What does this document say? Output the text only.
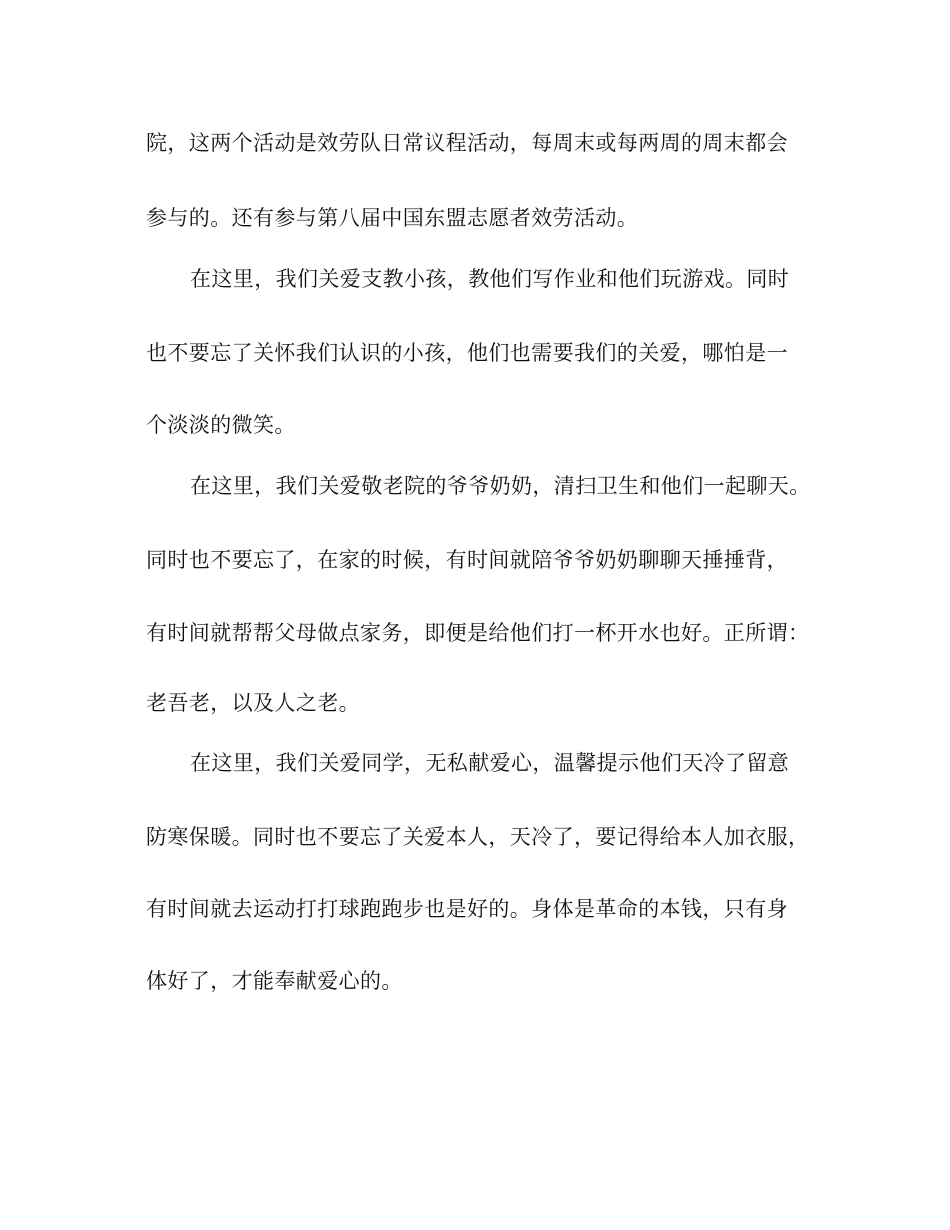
院，这两个活动是效劳队日常议程活动，每周末或每两周的周末都会
参与的。还有参与第八届中国东盟志愿者效劳活动。
在这里，我们关爱支教小孩，教他们写作业和他们玩游戏。同时
也不要忘了关怀我们认识的小孩，他们也需要我们的关爱，哪怕是一
个淡淡的微笑。
在这里，我们关爱敬老院的爷爷奶奶，清扫卫生和他们一起聊天。
同时也不要忘了，在家的时候，有时间就陪爷爷奶奶聊聊天捶捶背，
有时间就帮帮父母做点家务，即便是给他们打一杯开水也好。正所谓：
老吾老，以及人之老。
在这里，我们关爱同学，无私献爱心，温馨提示他们天冷了留意
防寒保暖。同时也不要忘了关爱本人，天冷了，要记得给本人加衣服，
有时间就去运动打打球跑跑步也是好的。身体是革命的本钱，只有身
体好了，才能奉献爱心的。
